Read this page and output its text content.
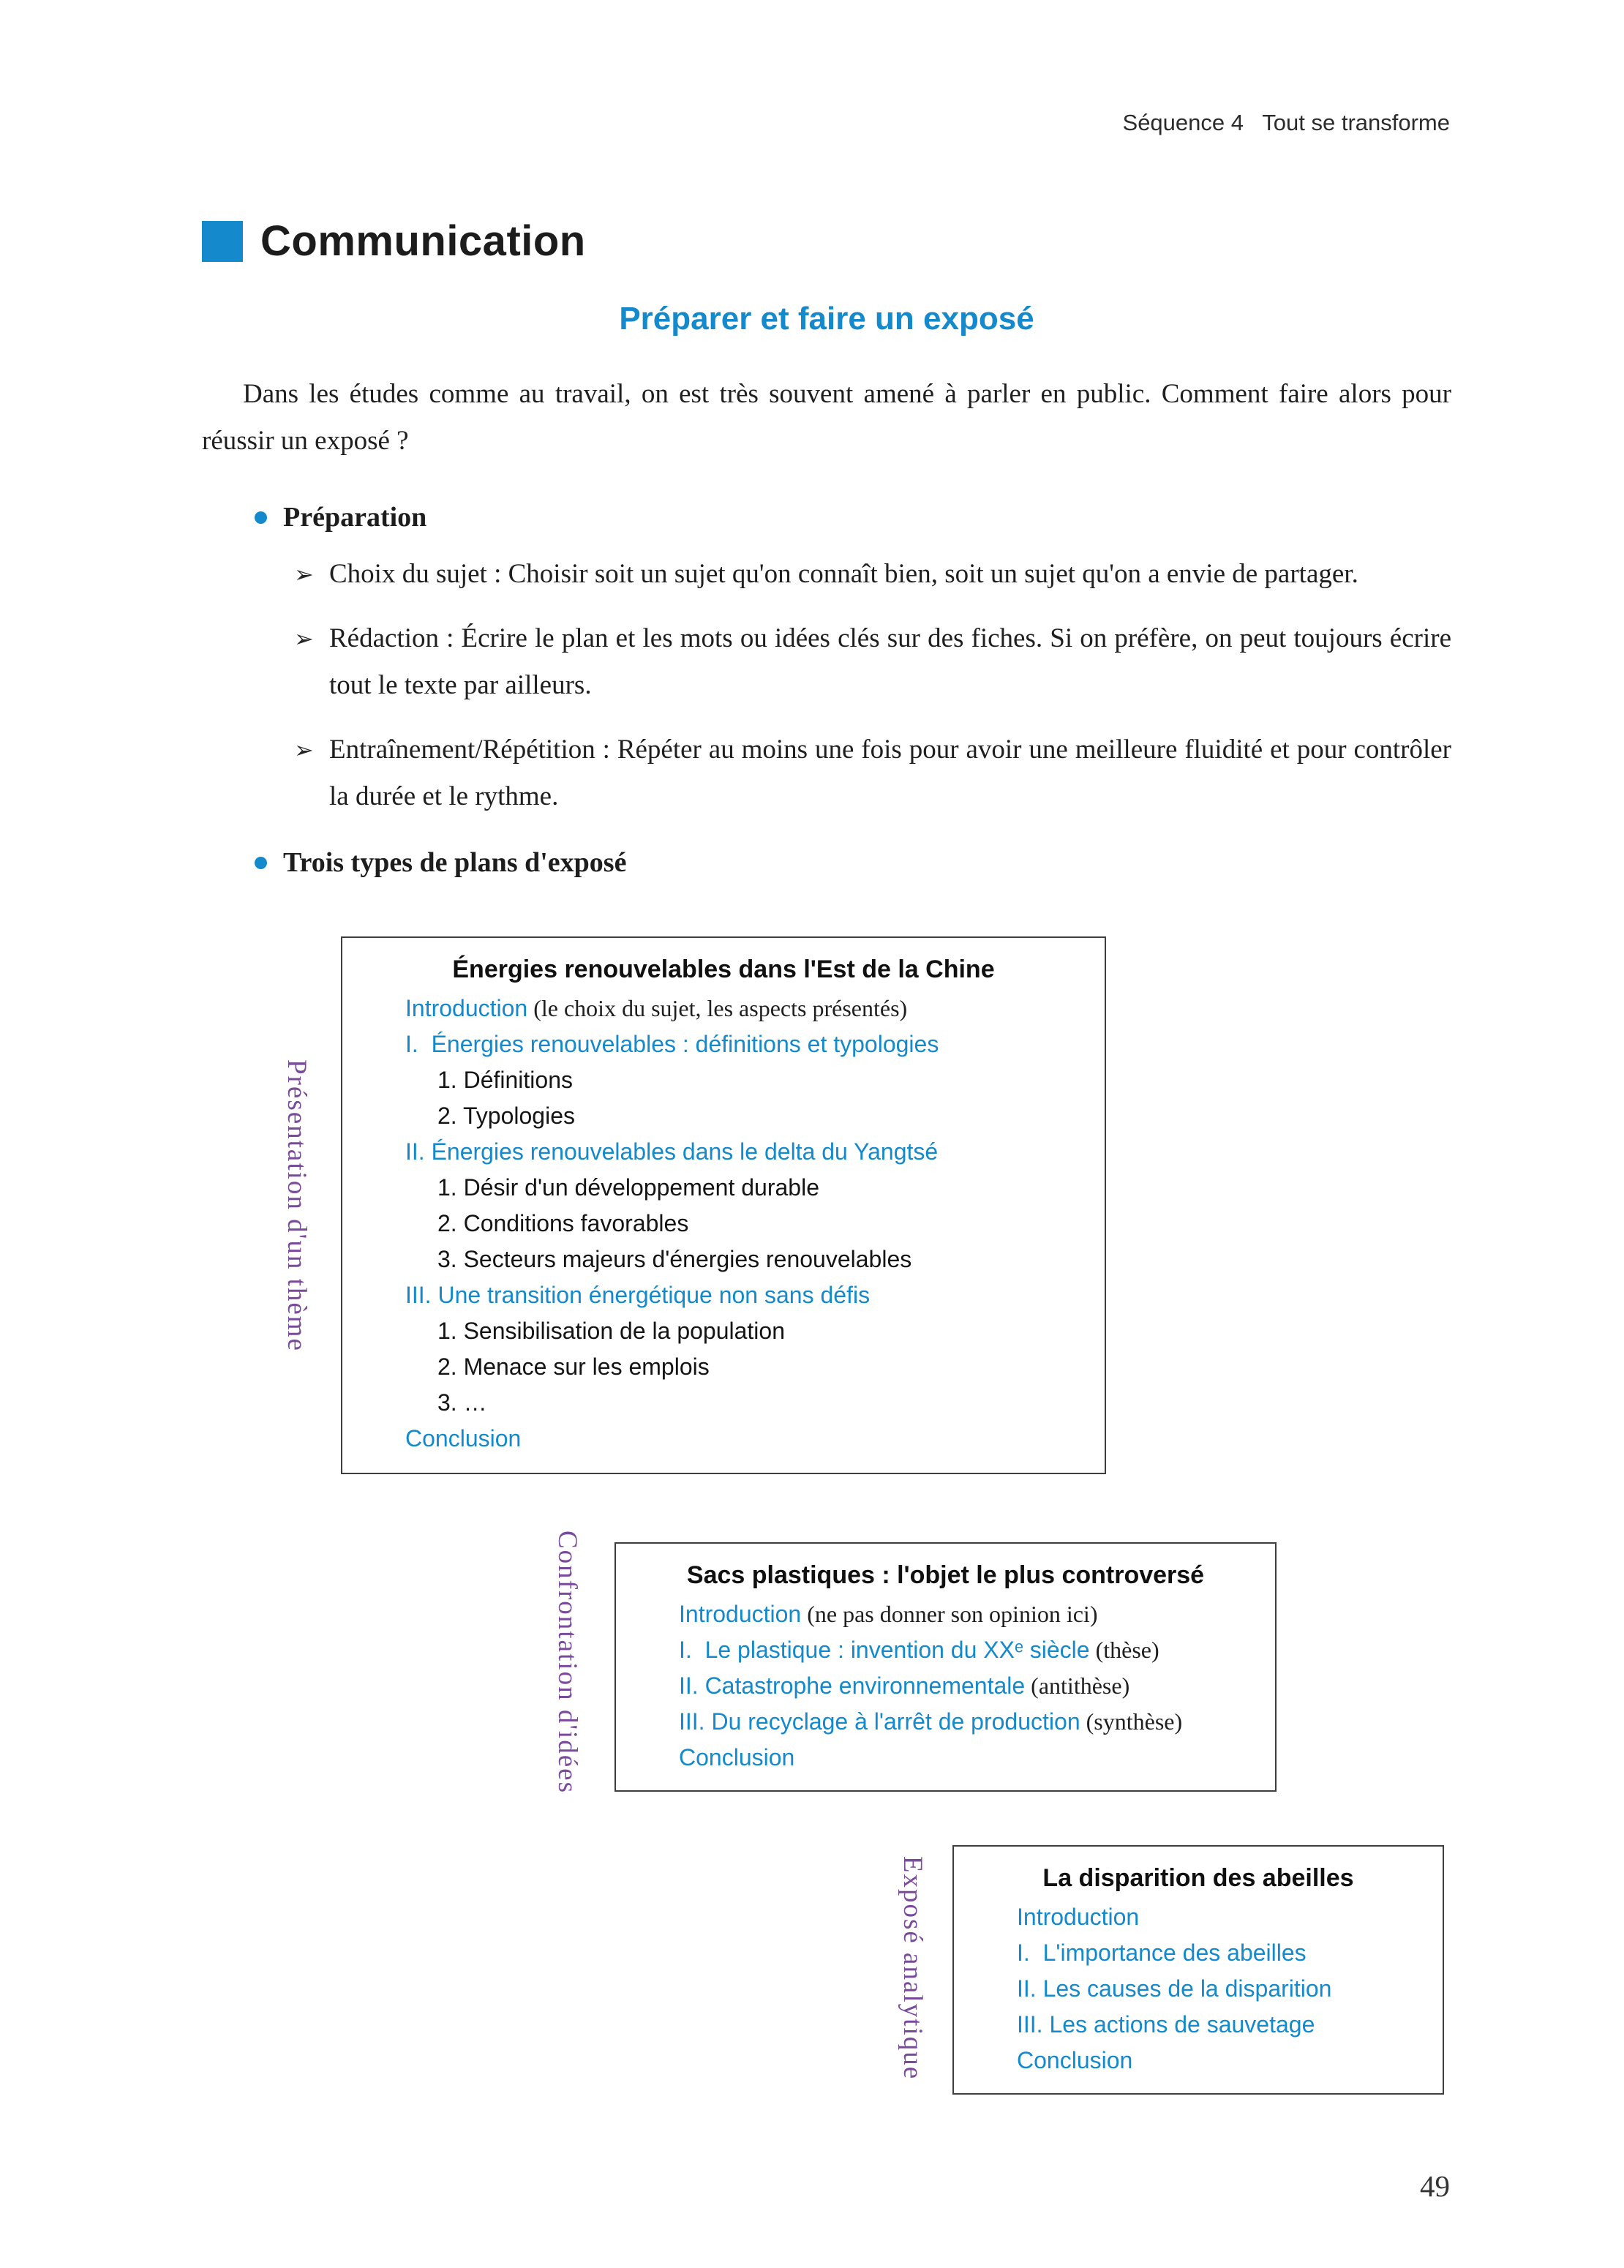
Séquence 4   Tout se transforme
Communication
Préparer et faire un exposé

Dans les études comme au travail, on est très souvent amené à parler en public. Comment faire alors pour réussir un exposé ?

Préparation
➢ Choix du sujet : Choisir soit un sujet qu'on connaît bien, soit un sujet qu'on a envie de partager.
➢ Rédaction : Écrire le plan et les mots ou idées clés sur des fiches. Si on préfère, on peut toujours écrire tout le texte par ailleurs.
➢ Entraînement/Répétition : Répéter au moins une fois pour avoir une meilleure fluidité et pour contrôler la durée et le rythme.
Trois types de plans d'exposé
Présentation d'un thème
Énergies renouvelables dans l'Est de la Chine
Introduction (le choix du sujet, les aspects présentés)
I.  Énergies renouvelables : définitions et typologies
1. Définitions
2. Typologies
II. Énergies renouvelables dans le delta du Yangtsé
1. Désir d'un développement durable
2. Conditions favorables
3. Secteurs majeurs d'énergies renouvelables
III. Une transition énergétique non sans défis
1. Sensibilisation de la population
2. Menace sur les emplois
3. …
Conclusion
Confrontation d'idées	Sacs plastiques : l'objet le plus controversé
Introduction (ne pas donner son opinion ici)
I.  Le plastique : invention du XXᵉ siècle (thèse)
II. Catastrophe environnementale (antithèse)
III. Du recyclage à l'arrêt de production (synthèse)
Conclusion
Exposé analytique	La disparition des abeilles
Introduction
I.  L'importance des abeilles
II. Les causes de la disparition
III. Les actions de sauvetage
Conclusion
49
